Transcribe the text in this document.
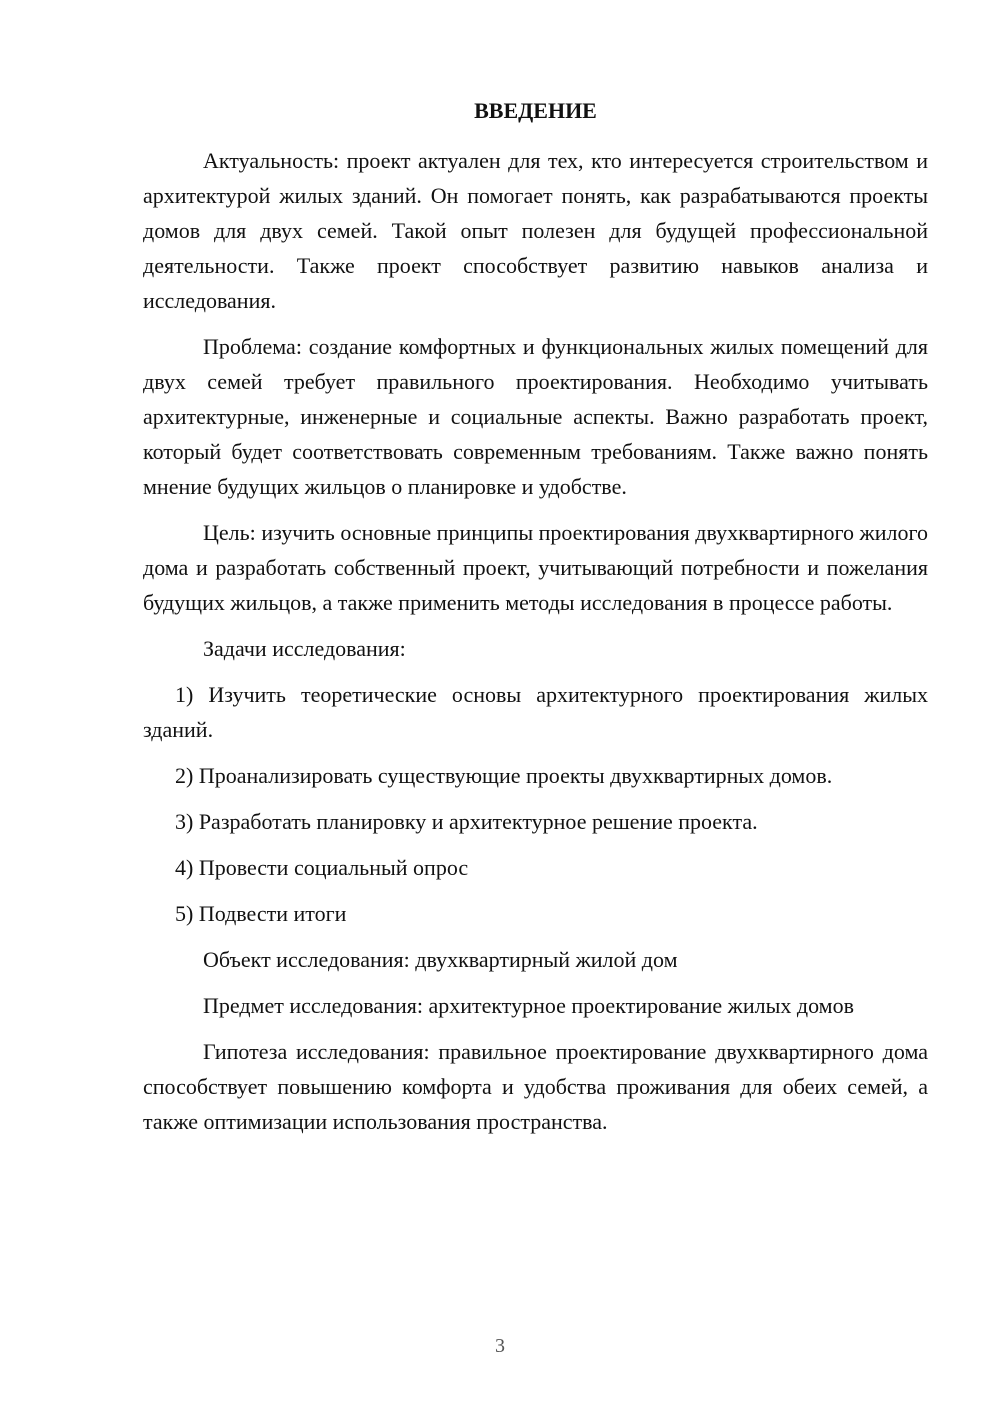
ВВЕДЕНИЕ

Актуальность: проект актуален для тех, кто интересуется строительством и архитектурой жилых зданий. Он помогает понять, как разрабатываются проекты домов для двух семей. Такой опыт полезен для будущей профессиональной деятельности. Также проект способствует развитию навыков анализа и исследования.

Проблема: создание комфортных и функциональных жилых помещений для двух семей требует правильного проектирования. Необходимо учитывать архитектурные, инженерные и социальные аспекты. Важно разработать проект, который будет соответствовать современным требованиям. Также важно понять мнение будущих жильцов о планировке и удобстве.

Цель: изучить основные принципы проектирования двухквартирного жилого дома и разработать собственный проект, учитывающий потребности и пожелания будущих жильцов, а также применить методы исследования в процессе работы.

Задачи исследования:

1) Изучить теоретические основы архитектурного проектирования жилых зданий.

2) Проанализировать существующие проекты двухквартирных домов.

3) Разработать планировку и архитектурное решение проекта.

4) Провести социальный опрос

5) Подвести итоги

Объект исследования: двухквартирный жилой дом

Предмет исследования: архитектурное проектирование жилых домов

Гипотеза исследования: правильное проектирование двухквартирного дома способствует повышению комфорта и удобства проживания для обеих семей, а также оптимизации использования пространства.

3
